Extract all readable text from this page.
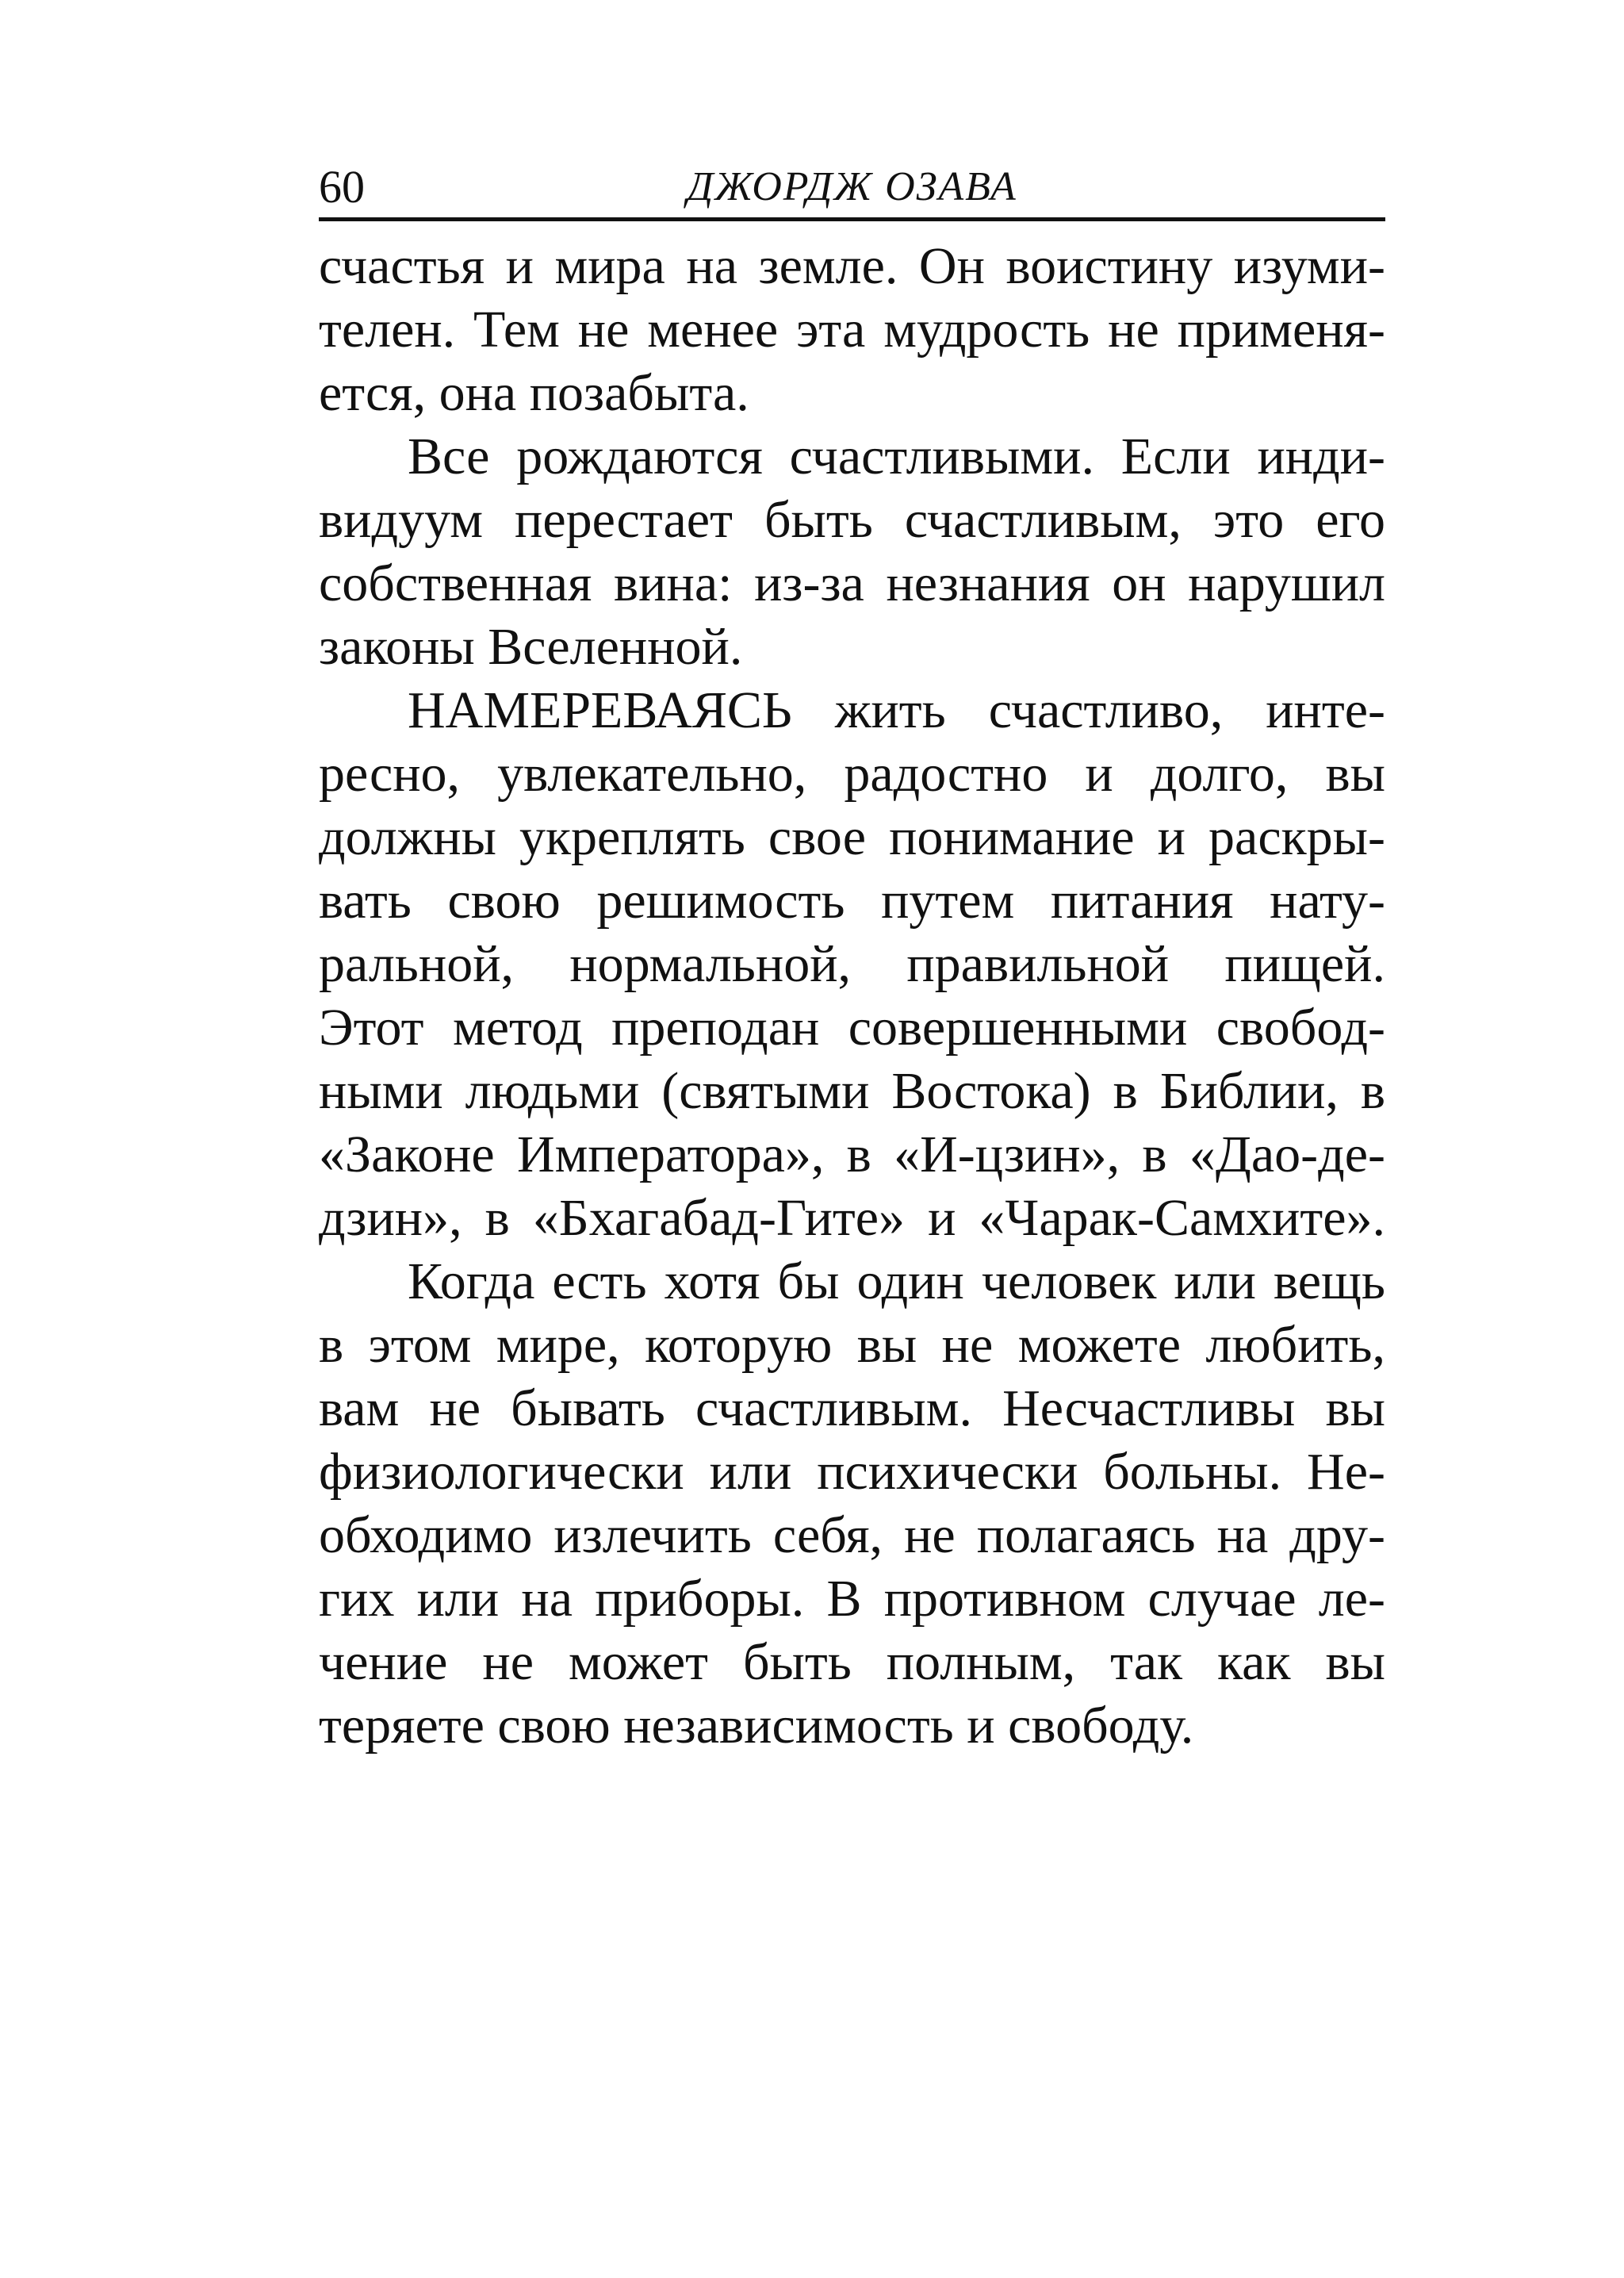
60	ДЖОРДЖ ОЗАВА
счастья и мира на земле. Он воистину изуми-
телен. Тем не менее эта мудрость не применя-
ется, она позабыта.
Все рождаются счастливыми. Если инди-
видуум перестает быть счастливым, это его
собственная вина: из-за незнания он нарушил
законы Вселенной.
НАМЕРЕВАЯСЬ жить счастливо, инте-
ресно, увлекательно, радостно и долго, вы
должны укреплять свое понимание и раскры-
вать свою решимость путем питания нату-
ральной, нормальной, правильной пищей.
Этот метод преподан совершенными свобод-
ными людьми (святыми Востока) в Библии, в
«Законе Императора», в «И-цзин», в «Дао-де-
дзин», в «Бхагабад-Гите» и «Чарак-Самхите».
Когда есть хотя бы один человек или вещь
в этом мире, которую вы не можете любить,
вам не бывать счастливым. Несчастливы вы
физиологически или психически больны. Не-
обходимо излечить себя, не полагаясь на дру-
гих или на приборы. В противном случае ле-
чение не может быть полным, так как вы
теряете свою независимость и свободу.
